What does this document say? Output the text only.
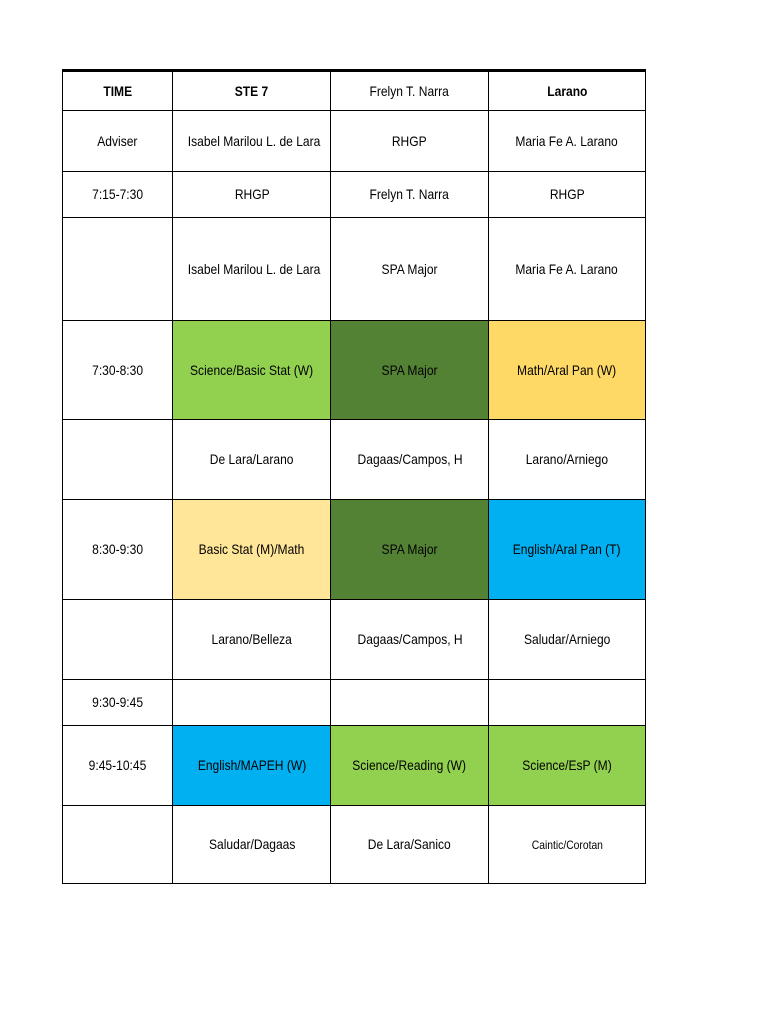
TIME	STE 7	Frelyn T. Narra	Larano
Adviser	Isabel Marilou L. de Lara	RHGP	Maria Fe A. Larano
7:15-7:30	RHGP	Frelyn T. Narra	RHGP
	Isabel Marilou L. de Lara	SPA Major	Maria Fe A. Larano
7:30-8:30	Science/Basic Stat (W)	SPA Major	Math/Aral Pan (W)
	De Lara/Larano	Dagaas/Campos, H	Larano/Arniego
8:30-9:30	Basic Stat (M)/Math	SPA Major	English/Aral Pan (T)
	Larano/Belleza	Dagaas/Campos, H	Saludar/Arniego
9:30-9:45			
9:45-10:45	English/MAPEH (W)	Science/Reading (W)	Science/EsP (M)
	Saludar/Dagaas	De Lara/Sanico	Caintic/Corotan
